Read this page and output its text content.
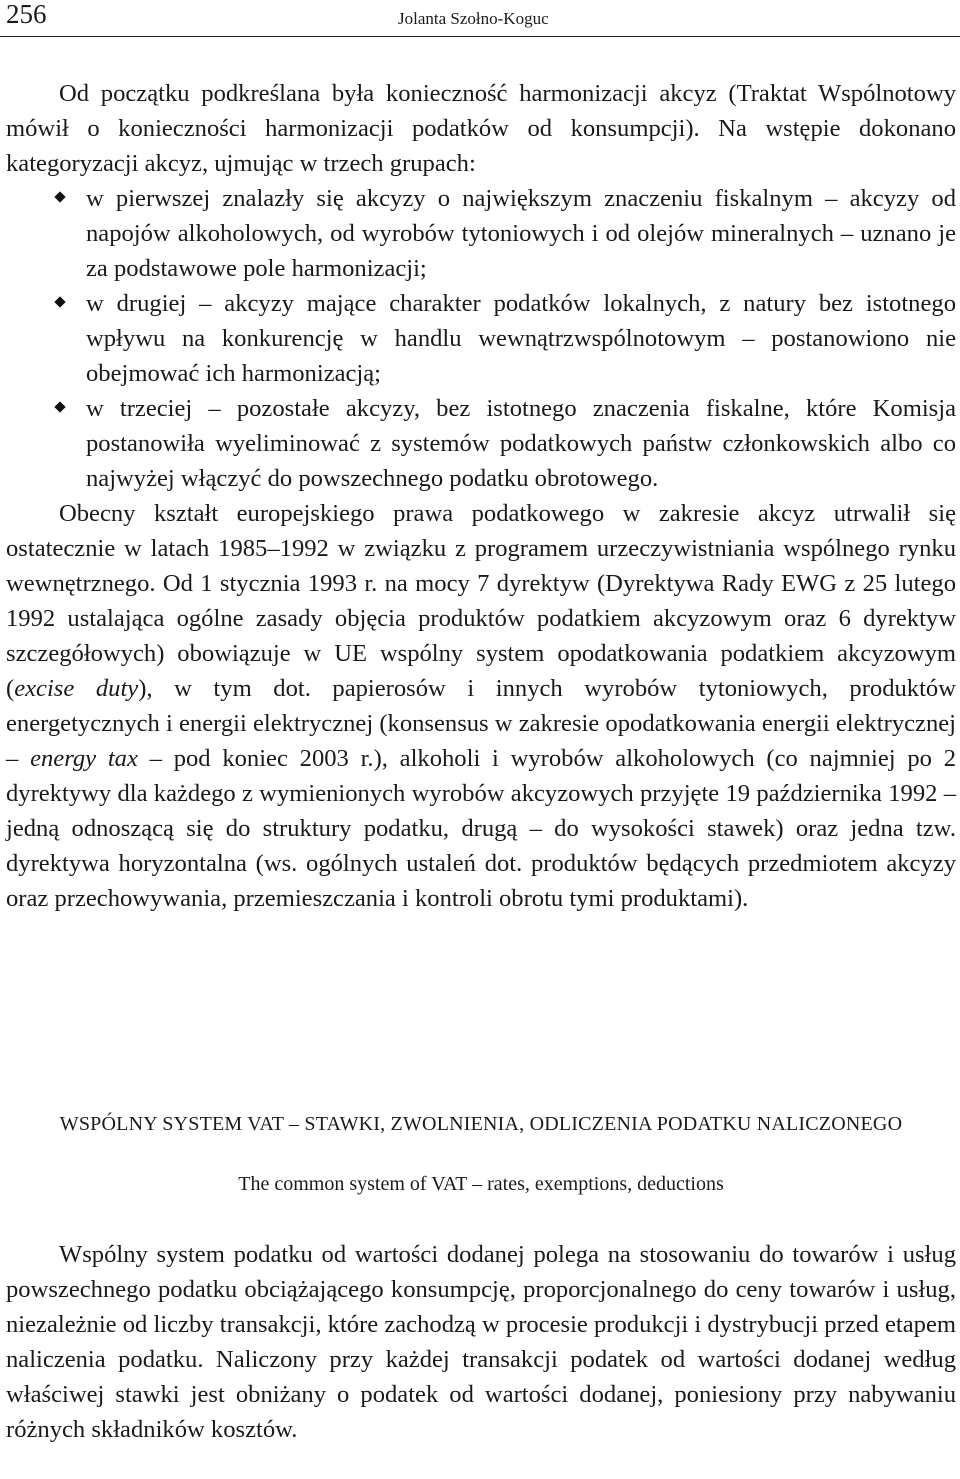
256	Jolanta Szołno-Koguc

Od początku podkreślana była konieczność harmonizacji akcyz (Traktat Wspólnotowy mówił o konieczności harmonizacji podatków od konsumpcji). Na wstępie dokonano kategoryzacji akcyz, ujmując w trzech grupach:

w pierwszej znalazły się akcyzy o największym znaczeniu fiskalnym – akcyzy od napojów alkoholowych, od wyrobów tytoniowych i od olejów mineralnych – uznano je za podstawowe pole harmonizacji;
w drugiej – akcyzy mające charakter podatków lokalnych, z natury bez istotnego wpływu na konkurencję w handlu wewnątrzwspólnotowym – postanowiono nie obejmować ich harmonizacją;
w trzeciej – pozostałe akcyzy, bez istotnego znaczenia fiskalne, które Komisja postanowiła wyeliminować z systemów podatkowych państw członkowskich albo co najwyżej włączyć do powszechnego podatku obrotowego.

Obecny kształt europejskiego prawa podatkowego w zakresie akcyz utrwalił się ostatecznie w latach 1985–1992 w związku z programem urzeczywistniania wspólnego rynku wewnętrznego. Od 1 stycznia 1993 r. na mocy 7 dyrektyw (Dyrektywa Rady EWG z 25 lutego 1992 ustalająca ogólne zasady objęcia produktów podatkiem akcyzowym oraz 6 dyrektyw szczegółowych) obowiązuje w UE wspólny system opodatkowania podatkiem akcyzowym (excise duty), w tym dot. papierosów i innych wyrobów tytoniowych, produktów energetycznych i energii elektrycznej (konsensus w zakresie opodatkowania energii elektrycznej – energy tax – pod koniec 2003 r.), alkoholi i wyrobów alkoholowych (co najmniej po 2 dyrektywy dla każdego z wymienionych wyrobów akcyzowych przyjęte 19 października 1992 – jedną odnoszącą się do struktury podatku, drugą – do wysokości stawek) oraz jedna tzw. dyrektywa horyzontalna (ws. ogólnych ustaleń dot. produktów będących przedmiotem akcyzy oraz przechowywania, przemieszczania i kontroli obrotu tymi produktami).

WSPÓLNY SYSTEM VAT – STAWKI, ZWOLNIENIA, ODLICZENIA PODATKU NALICZONEGO
The common system of VAT – rates, exemptions, deductions

Wspólny system podatku od wartości dodanej polega na stosowaniu do towarów i usług powszechnego podatku obciążającego konsumpcję, proporcjonalnego do ceny towarów i usług, niezależnie od liczby transakcji, które zachodzą w procesie produkcji i dystrybucji przed etapem naliczenia podatku. Naliczony przy każdej transakcji podatek od wartości dodanej według właściwej stawki jest obniżany o podatek od wartości dodanej, poniesiony przy nabywaniu różnych składników kosztów.
